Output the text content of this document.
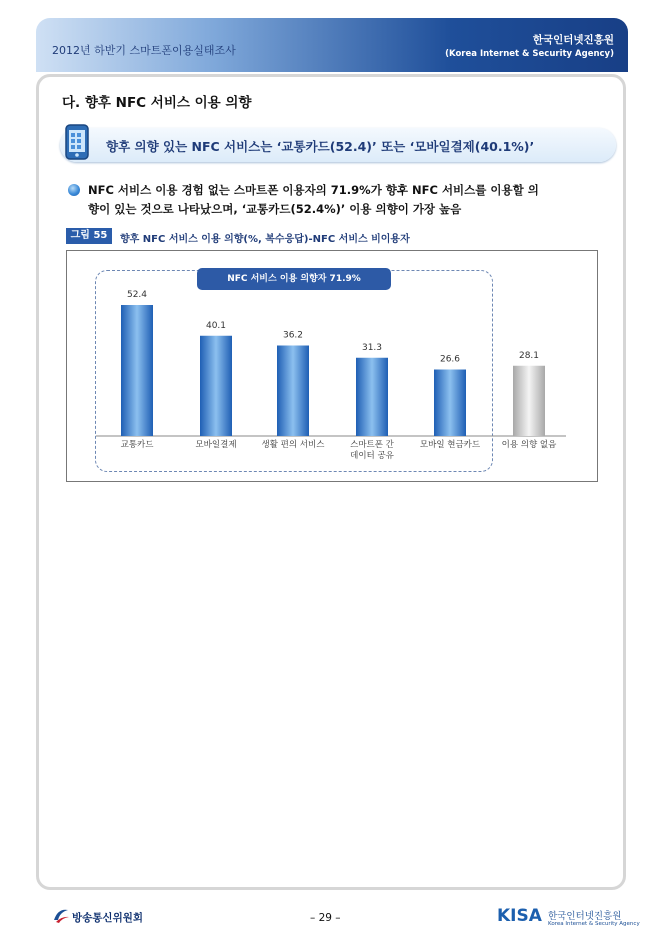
2012년 하반기 스마트폰이용실태조사
한국인터넷진흥원
(Korea Internet & Security Agency)
다. 향후 NFC 서비스 이용 의향
향후 의향 있는 NFC 서비스는 ‘교통카드(52.4)’ 또는 ‘모바일결제(40.1%)’
NFC 서비스 이용 경험 없는 스마트폰 이용자의 71.9%가 향후 NFC 서비스를 이용할 의
향이 있는 것으로 나타났으며, ‘교통카드(52.4%)’ 이용 의향이 가장 높음
그림 55	향후 NFC 서비스 이용 의향(%, 복수응답)-NFC 서비스 비이용자
52.4
교통카드
40.1
모바일결제
36.2
생활 편의 서비스
31.3
스마트폰 간
데이터 공유
26.6
모바일 현금카드
28.1
이용 의향 없음
NFC 서비스 이용 의향자 71.9%
방송통신위원회	– 29 –	KISA 한국인터넷진흥원
Korea Internet & Security Agency
